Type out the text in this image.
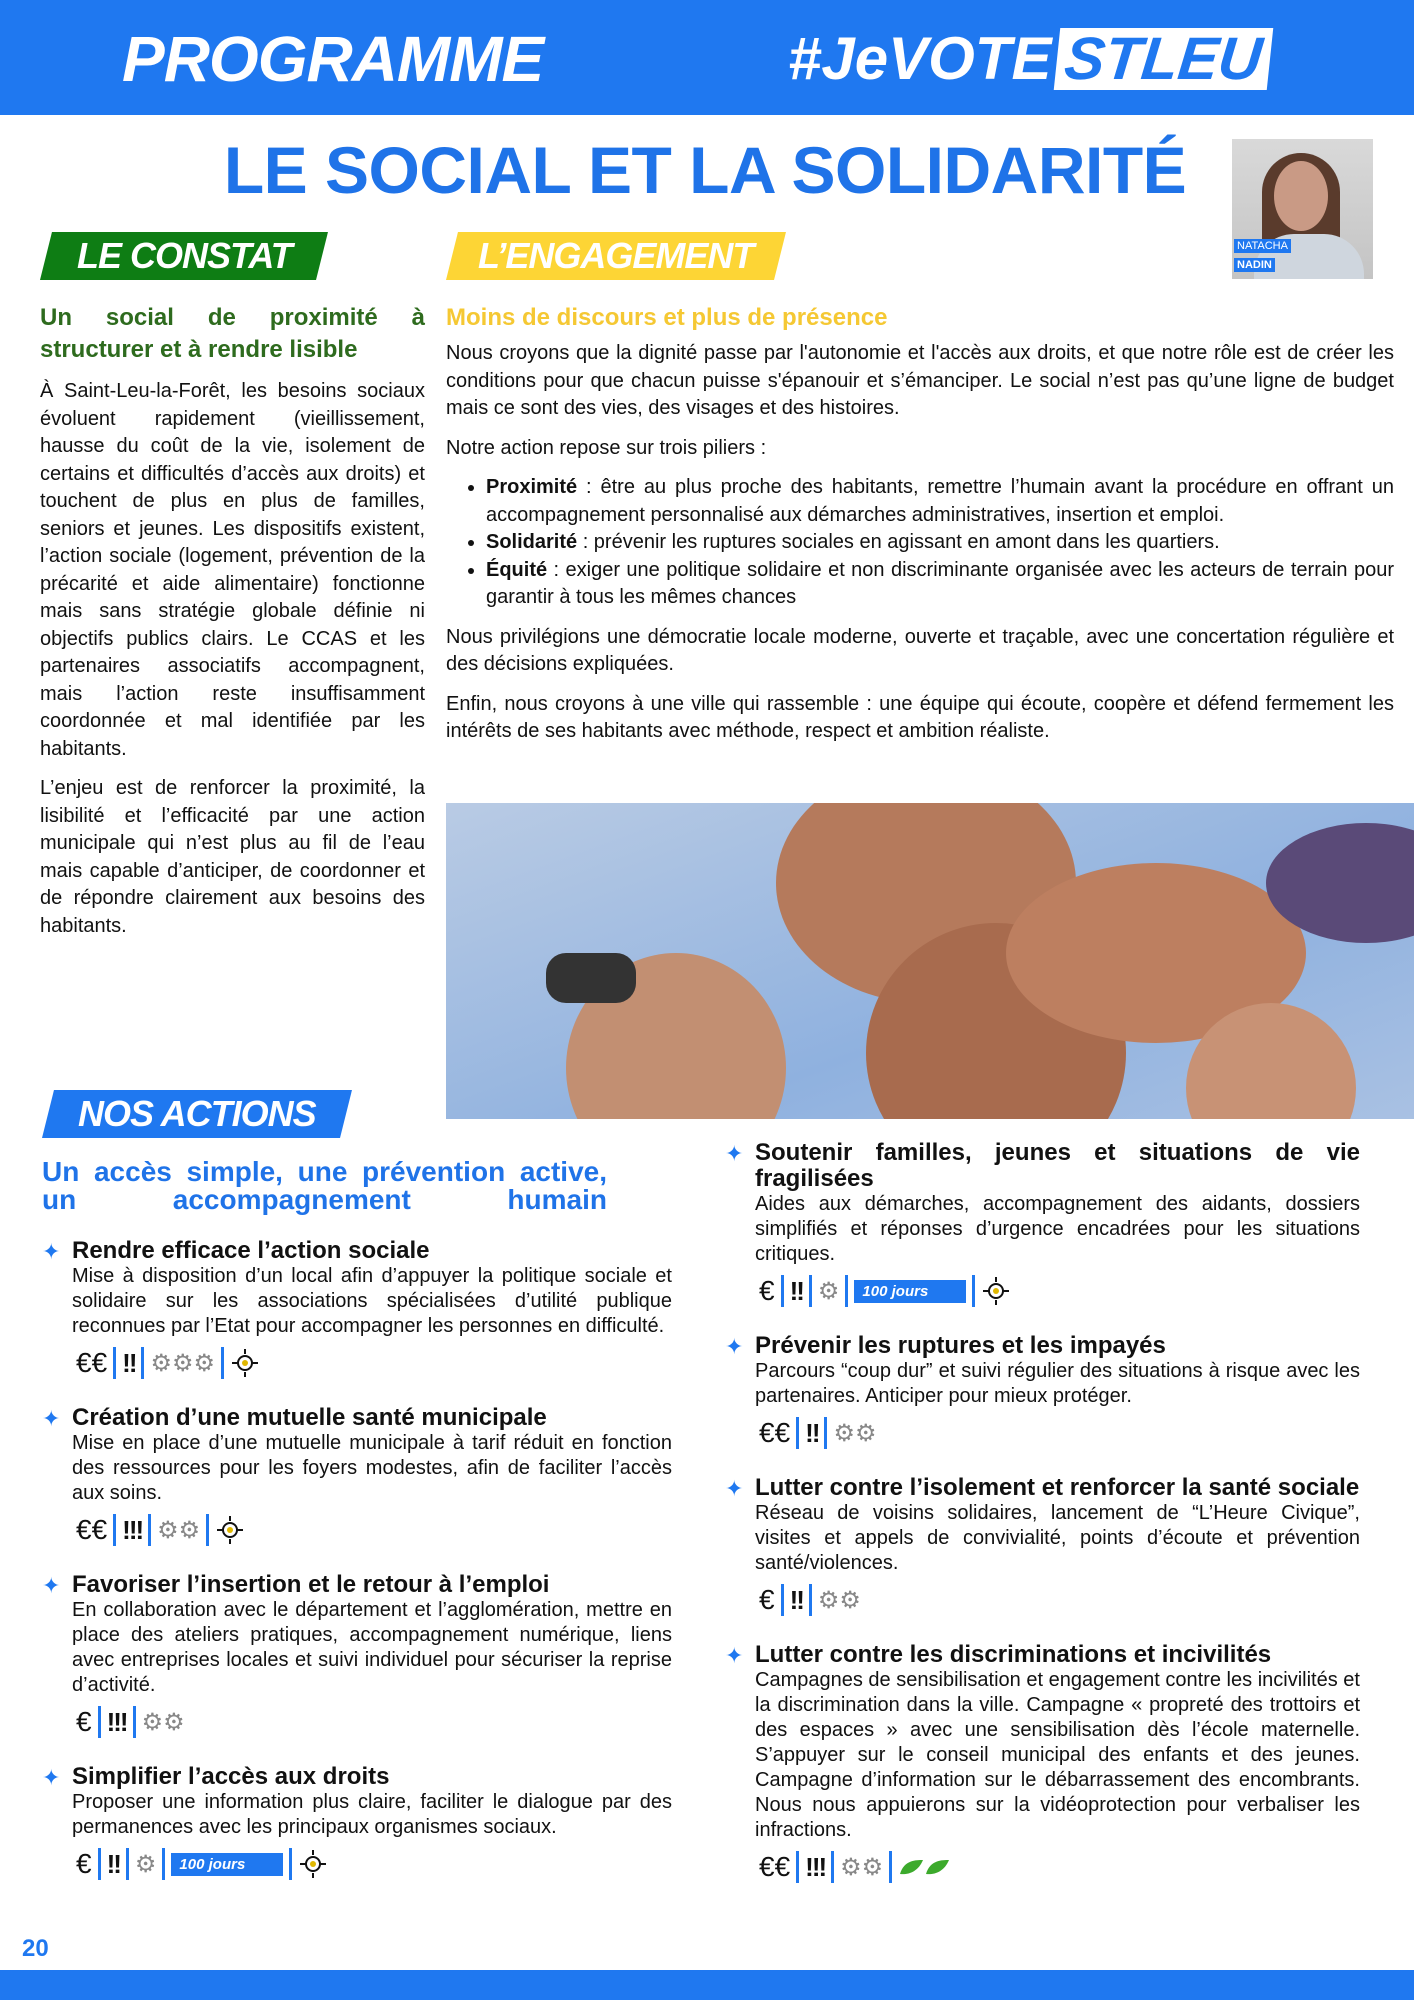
PROGRAMME	#JeVOTE STLEU
LE SOCIAL ET LA SOLIDARITÉ
NATACHA
NADIN
LE CONSTAT	L’ENGAGEMENT
Un social de proximité à structurer et à rendre lisible

À Saint-Leu-la-Forêt, les besoins sociaux évoluent rapidement (vieillissement, hausse du coût de la vie, isolement de certains et difficultés d’accès aux droits) et touchent de plus en plus de familles, seniors et jeunes. Les dispositifs existent, l’action sociale (logement, prévention de la précarité et aide alimentaire) fonctionne mais sans stratégie globale définie ni objectifs publics clairs. Le CCAS et les partenaires associatifs accompagnent, mais l’action reste insuffisamment coordonnée et mal identifiée par les habitants.

L’enjeu est de renforcer la proximité, la lisibilité et l’efficacité par une action municipale qui n’est plus au fil de l’eau mais capable d’anticiper, de coordonner et de répondre clairement aux besoins des habitants.

Moins de discours et plus de présence

Nous croyons que la dignité passe par l'autonomie et l'accès aux droits, et que notre rôle est de créer les conditions pour que chacun puisse s'épanouir et s’émanciper. Le social n’est pas qu’une ligne de budget mais ce sont des vies, des visages et des histoires.

Notre action repose sur trois piliers :

• Proximité : être au plus proche des habitants, remettre l’humain avant la procédure en offrant un accompagnement personnalisé aux démarches administratives, insertion et emploi.
• Solidarité : prévenir les ruptures sociales en agissant en amont dans les quartiers.
• Équité : exiger une politique solidaire et non discriminante organisée avec les acteurs de terrain pour garantir à tous les mêmes chances

Nous privilégions une démocratie locale moderne, ouverte et traçable, avec une concertation régulière et des décisions expliquées.

Enfin, nous croyons à une ville qui rassemble : une équipe qui écoute, coopère et défend fermement les intérêts de ses habitants avec méthode, respect et ambition réaliste.

NOS ACTIONS
Un accès simple, une prévention active, un accompagnement humain
✦ Rendre efficace l’action sociale

Mise à disposition d’un local afin d’appuyer la politique sociale et solidaire sur les associations spécialisées d’utilité publique reconnues par l’Etat pour accompagner les personnes en difficulté.

€€ !! ⚙⚙⚙
✦ Création d’une mutuelle santé municipale

Mise en place d’une mutuelle municipale à tarif réduit en fonction des ressources pour les foyers modestes, afin de faciliter l’accès aux soins.

€€ !!! ⚙⚙
✦ Favoriser l’insertion et le retour à l’emploi

En collaboration avec le département et l’agglomération, mettre en place des ateliers pratiques, accompagnement numérique, liens avec entreprises locales et suivi individuel pour sécuriser la reprise d’activité.

€ !!! ⚙⚙
✦ Simplifier l’accès aux droits

Proposer une information plus claire, faciliter le dialogue par des permanences avec les principaux organismes sociaux.

€ !! ⚙	100 jours
✦ Soutenir familles, jeunes et situations de vie fragilisées

Aides aux démarches, accompagnement des aidants, dossiers simplifiés et réponses d’urgence encadrées pour les situations critiques.

€ !! ⚙	100 jours
✦ Prévenir les ruptures et les impayés

Parcours “coup dur” et suivi régulier des situations à risque avec les partenaires. Anticiper pour mieux protéger.

€€ !! ⚙⚙
✦ Lutter contre l’isolement et renforcer la santé sociale

Réseau de voisins solidaires, lancement de “L’Heure Civique”, visites et appels de convivialité, points d’écoute et prévention santé/violences.

€ !! ⚙⚙
✦ Lutter contre les discriminations et incivilités

Campagnes de sensibilisation et engagement contre les incivilités et la discrimination dans la ville. Campagne « propreté des trottoirs et des espaces » avec une sensibilisation dès l’école maternelle. S’appuyer sur le conseil municipal des enfants et des jeunes. Campagne d’information sur le débarrassement des encombrants. Nous nous appuierons sur la vidéoprotection pour verbaliser les infractions.

€€ !!! ⚙⚙
20
